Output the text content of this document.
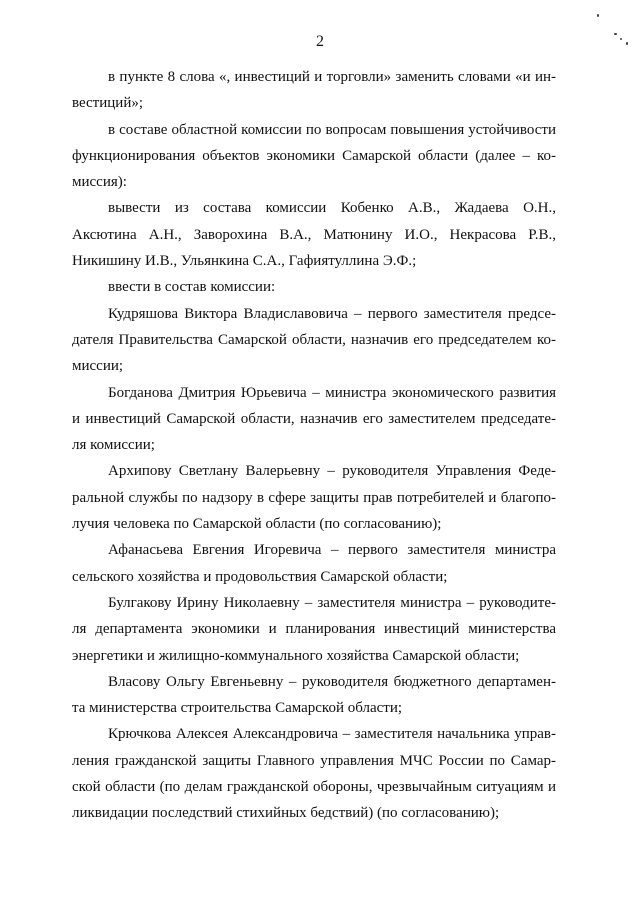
2
в пункте 8 слова «, инвестиций и торговли» заменить словами «и ин-
вестиций»;
в составе областной комиссии по вопросам повышения устойчивости
функционирования объектов экономики Самарской области (далее – ко-
миссия):
вывести из состава комиссии Кобенко А.В., Жадаева О.Н.,
Аксютина А.Н., Заворохина В.А., Матюнину И.О., Некрасова Р.В.,
Никишину И.В., Ульянкина С.А., Гафиятуллина Э.Ф.;
ввести в состав комиссии:
Кудряшова Виктора Владиславовича – первого заместителя предсе-
дателя Правительства Самарской области, назначив его председателем ко-
миссии;
Богданова Дмитрия Юрьевича – министра экономического развития
и инвестиций Самарской области, назначив его заместителем председате-
ля комиссии;
Архипову Светлану Валерьевну – руководителя Управления Феде-
ральной службы по надзору в сфере защиты прав потребителей и благопо-
лучия человека по Самарской области (по согласованию);
Афанасьева Евгения Игоревича – первого заместителя министра
сельского хозяйства и продовольствия Самарской области;
Булгакову Ирину Николаевну – заместителя министра – руководите-
ля департамента экономики и планирования инвестиций министерства
энергетики и жилищно-коммунального хозяйства Самарской области;
Власову Ольгу Евгеньевну – руководителя бюджетного департамен-
та министерства строительства Самарской области;
Крючкова Алексея Александровича – заместителя начальника управ-
ления гражданской защиты Главного управления МЧС России по Самар-
ской области (по делам гражданской обороны, чрезвычайным ситуациям и
ликвидации последствий стихийных бедствий) (по согласованию);
